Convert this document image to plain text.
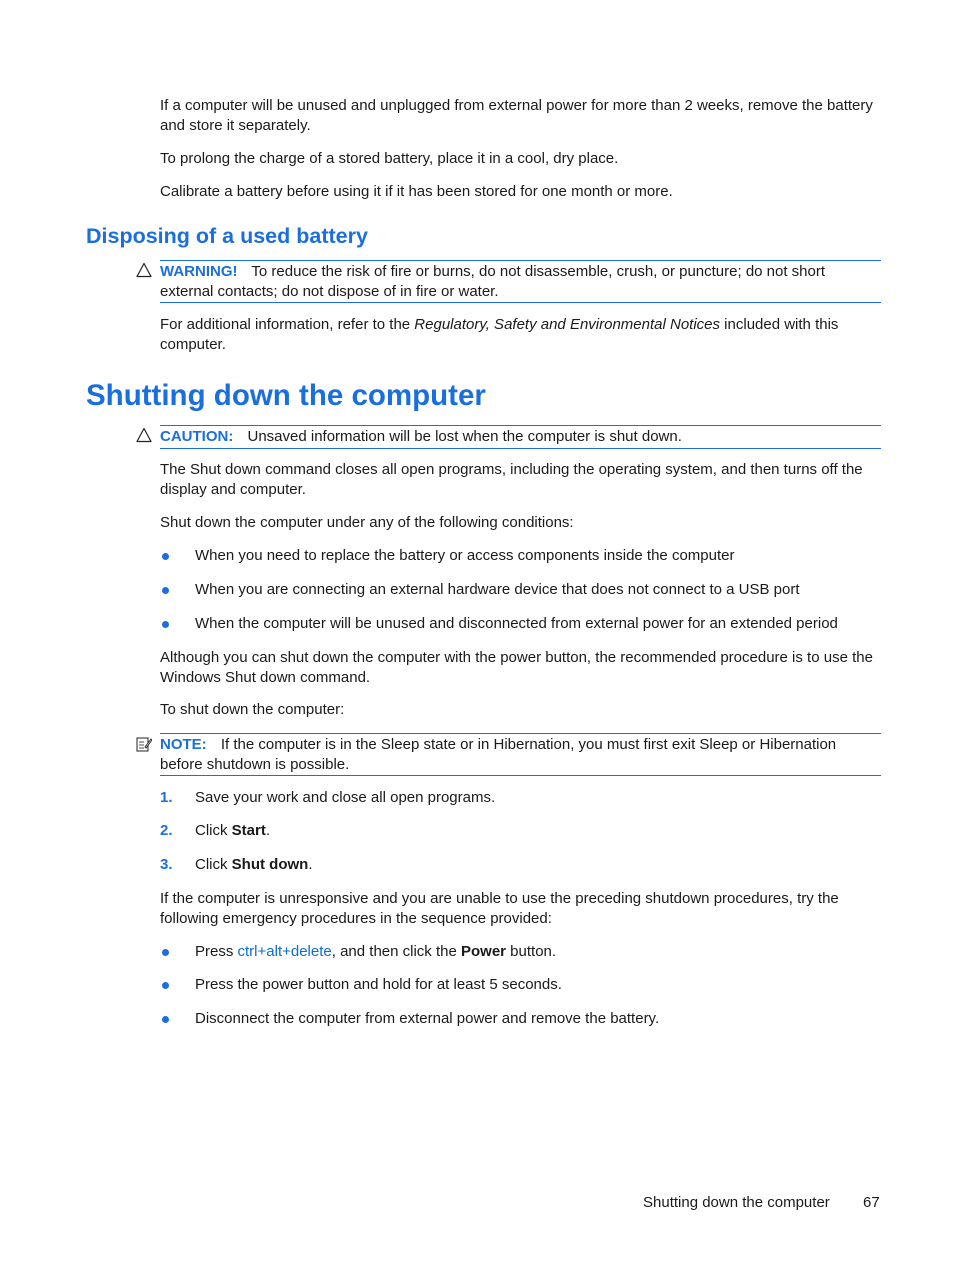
If a computer will be unused and unplugged from external power for more than 2 weeks, remove the battery and store it separately.

To prolong the charge of a stored battery, place it in a cool, dry place.

Calibrate a battery before using it if it has been stored for one month or more.

Disposing of a used battery
WARNING! To reduce the risk of fire or burns, do not disassemble, crush, or puncture; do not short external contacts; do not dispose of in fire or water.

For additional information, refer to the Regulatory, Safety and Environmental Notices included with this computer.

Shutting down the computer
CAUTION: Unsaved information will be lost when the computer is shut down.

The Shut down command closes all open programs, including the operating system, and then turns off the display and computer.

Shut down the computer under any of the following conditions:

When you need to replace the battery or access components inside the computer

When you are connecting an external hardware device that does not connect to a USB port

When the computer will be unused and disconnected from external power for an extended period

Although you can shut down the computer with the power button, the recommended procedure is to use the Windows Shut down command.

To shut down the computer:

NOTE: If the computer is in the Sleep state or in Hibernation, you must first exit Sleep or Hibernation before shutdown is possible.
1. Save your work and close all open programs.

2. Click Start.

3. Click Shut down.

If the computer is unresponsive and you are unable to use the preceding shutdown procedures, try the following emergency procedures in the sequence provided:

Press ctrl+alt+delete, and then click the Power button.

Press the power button and hold for at least 5 seconds.

Disconnect the computer from external power and remove the battery.

Shutting down the computer 67
